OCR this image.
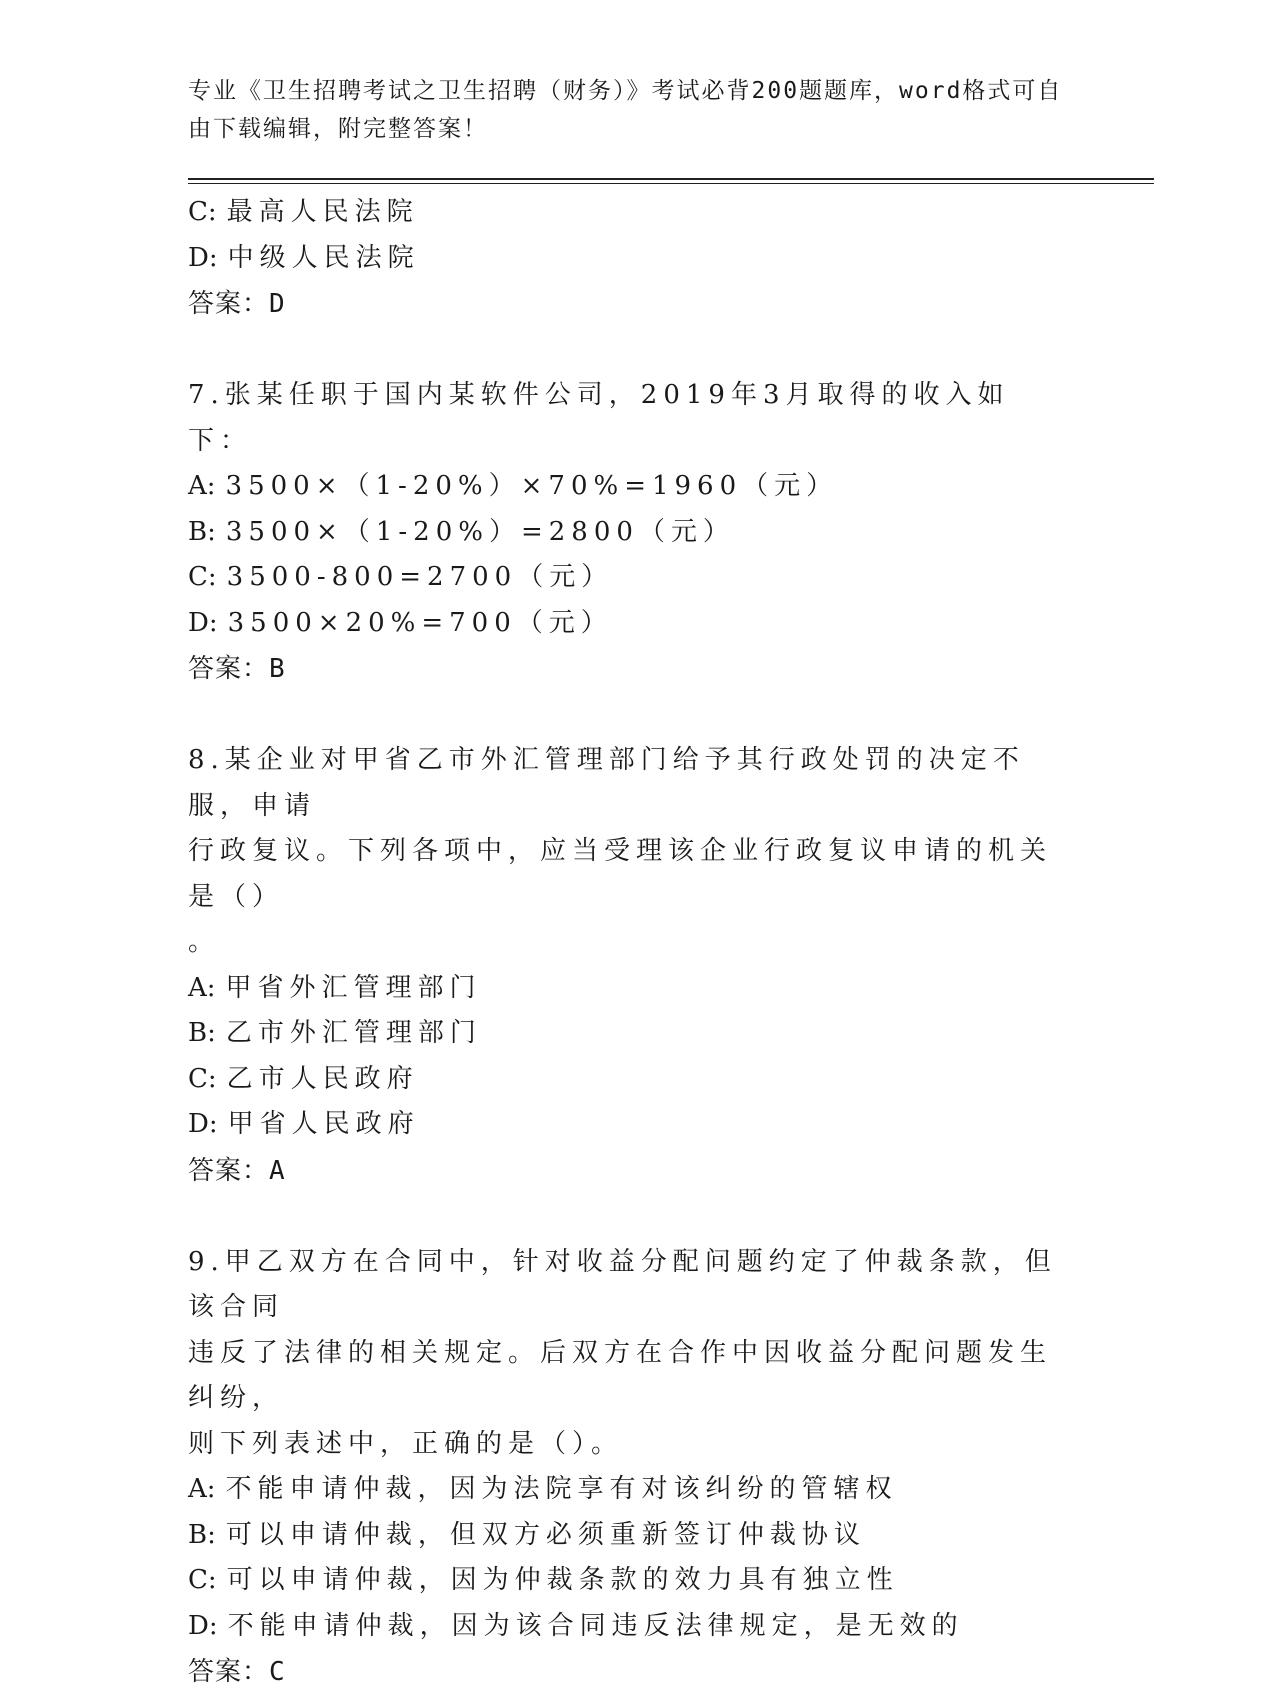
专业《卫生招聘考试之卫生招聘（财务）》考试必背200题题库，word格式可自
由下载编辑，附完整答案！
C: 最高人民法院
D: 中级人民法院
答案：D
7.张某任职于国内某软件公司，2019年3月取得的收入如下：
A: 3500×（1-20%）×70%=1960（元）
B: 3500×（1-20%）=2800（元）
C: 3500-800=2700（元）
D: 3500×20%=700（元）
答案：B
8.某企业对甲省乙市外汇管理部门给予其行政处罚的决定不服，申请
行政复议。下列各项中，应当受理该企业行政复议申请的机关是（）
。
A: 甲省外汇管理部门
B: 乙市外汇管理部门
C: 乙市人民政府
D: 甲省人民政府
答案：A
9.甲乙双方在合同中，针对收益分配问题约定了仲裁条款，但该合同
违反了法律的相关规定。后双方在合作中因收益分配问题发生纠纷，
则下列表述中，正确的是（）。
A: 不能申请仲裁，因为法院享有对该纠纷的管辖权
B: 可以申请仲裁，但双方必须重新签订仲裁协议
C: 可以申请仲裁，因为仲裁条款的效力具有独立性
D: 不能申请仲裁，因为该合同违反法律规定，是无效的
答案：C
